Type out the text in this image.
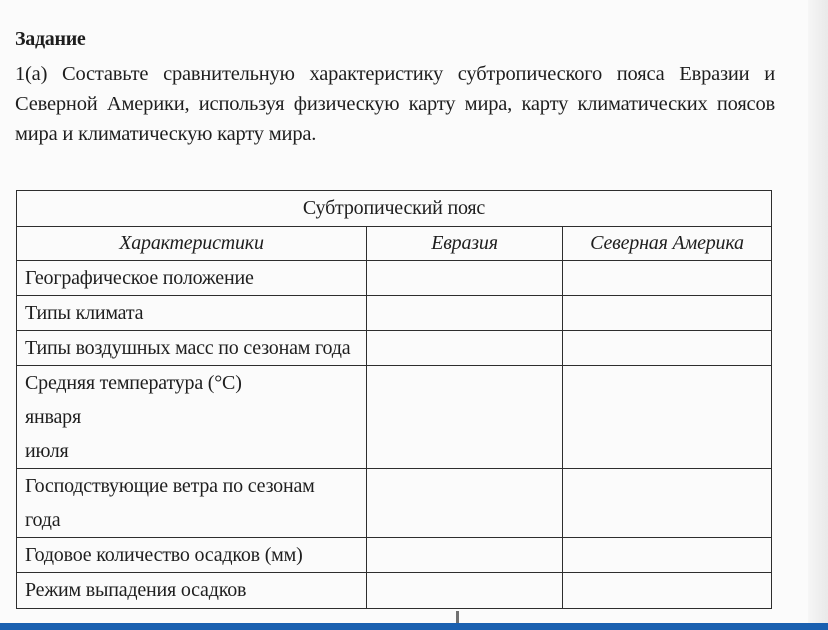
Задание

1(а) Составьте сравнительную характеристику субтропического пояса Евразии и Северной Америки, используя физическую карту мира, карту климатических поясов мира и климатическую карту мира.

Субтропический пояс		
Характеристики	Евразия	Северная Америка
Географическое положение		
Типы климата		
Типы воздушных масс по сезонам года		

Средняя температура (°С)
января
июля		

Господствующие ветра по сезонам
года		

Годовое количество осадков (мм)		
Режим выпадения осадков		
